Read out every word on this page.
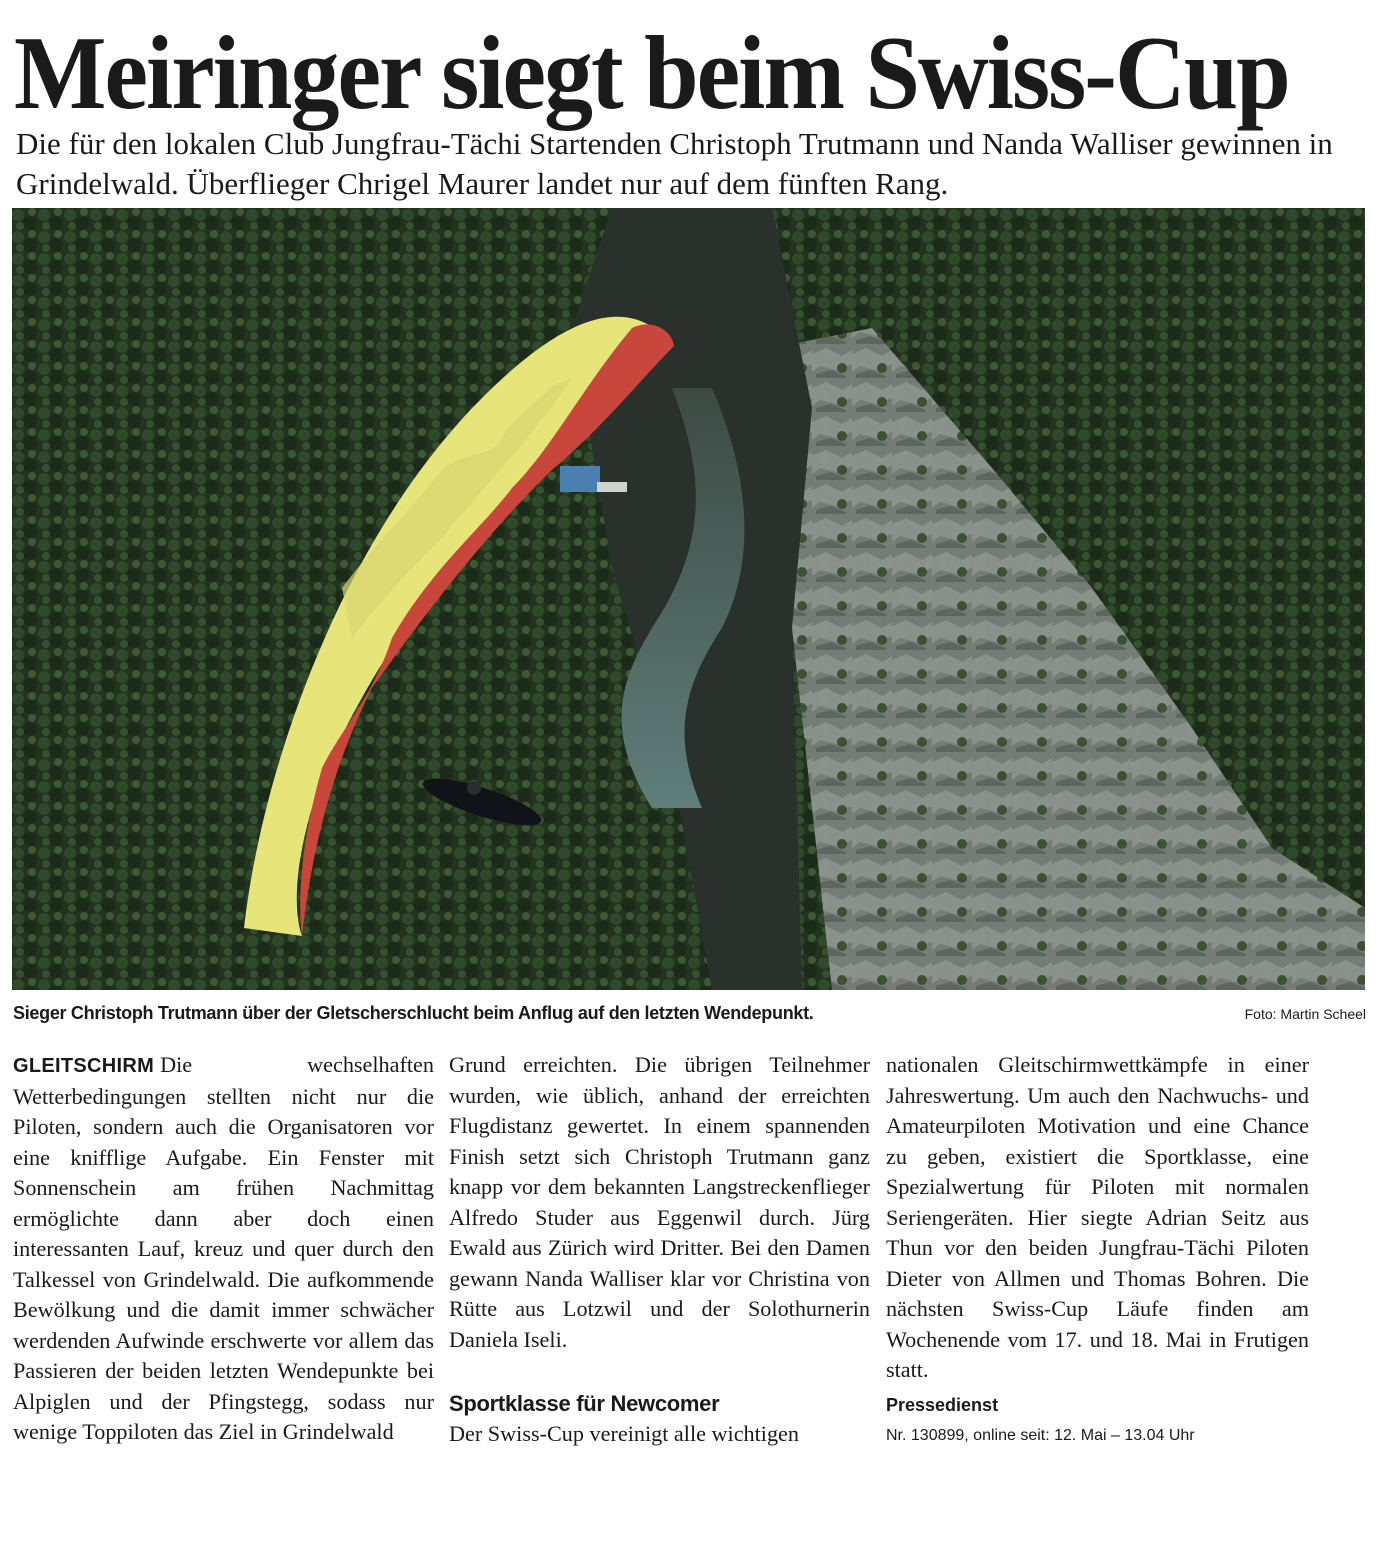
Meiringer siegt beim Swiss-Cup

Die für den lokalen Club Jungfrau-Tächi Startenden Christoph Trutmann und Nanda Walliser gewinnen in Grindelwald. Überflieger Chrigel Maurer landet nur auf dem fünften Rang.

Sieger Christoph Trutmann über der Gletscherschlucht beim Anflug auf den letzten Wendepunkt.	Foto: Martin Scheel

GLEITSCHIRM Die wechselhaften Wetterbedingungen stellten nicht nur die Piloten, sondern auch die Organisatoren vor eine knifflige Aufgabe. Ein Fenster mit Sonnenschein am frühen Nachmittag ermöglichte dann aber doch einen interessanten Lauf, kreuz und quer durch den Talkessel von Grindelwald. Die aufkommende Bewölkung und die damit immer schwächer werdenden Aufwinde erschwerte vor allem das Passieren der beiden letzten Wendepunkte bei Alpiglen und der Pfingstegg, sodass nur wenige Toppiloten das Ziel in Grindelwald

Grund erreichten. Die übrigen Teilnehmer wurden, wie üblich, anhand der erreichten Flugdistanz gewertet. In einem spannenden Finish setzt sich Christoph Trutmann ganz knapp vor dem bekannten Langstreckenflieger Alfredo Studer aus Eggenwil durch. Jürg Ewald aus Zürich wird Dritter. Bei den Damen gewann Nanda Walliser klar vor Christina von Rütte aus Lotzwil und der Solothurnerin Daniela Iseli.

Sportklasse für Newcomer

Der Swiss-Cup vereinigt alle wichtigen

nationalen Gleitschirmwettkämpfe in einer Jahreswertung. Um auch den Nachwuchs- und Amateurpiloten Motivation und eine Chance zu geben, existiert die Sportklasse, eine Spezialwertung für Piloten mit normalen Seriengeräten. Hier siegte Adrian Seitz aus Thun vor den beiden Jungfrau-Tächi Piloten Dieter von Allmen und Thomas Bohren. Die nächsten Swiss-Cup Läufe finden am Wochenende vom 17. und 18. Mai in Frutigen statt.

Pressedienst

Nr. 130899, online seit: 12. Mai – 13.04 Uhr
